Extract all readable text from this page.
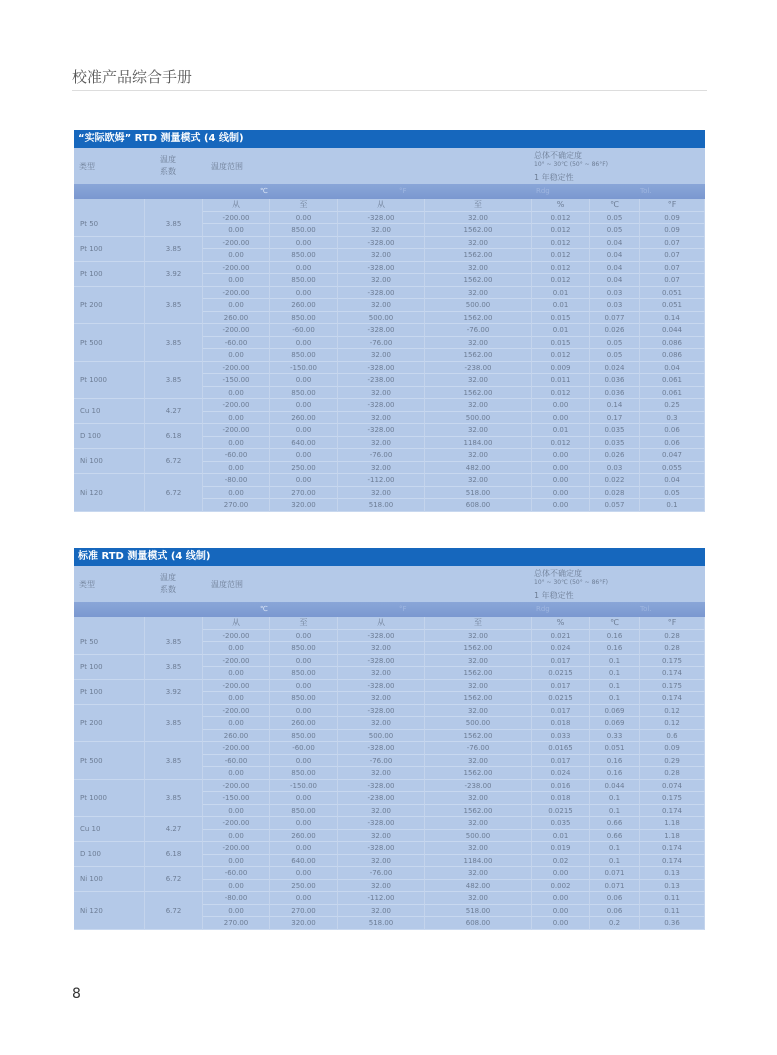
校准产品综合手册
“实际欧姆” RTD 测量模式 (4 线制)
类型
温度
系数
温度范围
总体不确定度
10° ~ 30℃ (50° ~ 86°F)
1 年稳定性
℃	°F	Rdg	Tol.
从	至	从	至	%	℃	°F
Pt 50	3.85
-200.00	0.00	-328.00	32.00	0.012	0.05	0.09
0.00	850.00	32.00	1562.00	0.012	0.05	0.09
Pt 100	3.85
-200.00	0.00	-328.00	32.00	0.012	0.04	0.07
0.00	850.00	32.00	1562.00	0.012	0.04	0.07
Pt 100	3.92
-200.00	0.00	-328.00	32.00	0.012	0.04	0.07
0.00	850.00	32.00	1562.00	0.012	0.04	0.07
-200.00	0.00	-328.00	32.00	0.01	0.03	0.051
Pt 200	3.85	0.00	260.00	32.00	500.00	0.01	0.03	0.051
260.00	850.00	500.00	1562.00	0.015	0.077	0.14
-200.00	-60.00	-328.00	-76.00	0.01	0.026	0.044
Pt 500	3.85	-60.00	0.00	-76.00	32.00	0.015	0.05	0.086
0.00	850.00	32.00	1562.00	0.012	0.05	0.086
-200.00	-150.00	-328.00	-238.00	0.009	0.024	0.04
Pt 1000	3.85	-150.00	0.00	-238.00	32.00	0.011	0.036	0.061
0.00	850.00	32.00	1562.00	0.012	0.036	0.061
Cu 10	4.27
-200.00	0.00	-328.00	32.00	0.00	0.14	0.25
0.00	260.00	32.00	500.00	0.00	0.17	0.3
D 100	6.18
-200.00	0.00	-328.00	32.00	0.01	0.035	0.06
0.00	640.00	32.00	1184.00	0.012	0.035	0.06
Ni 100	6.72
-60.00	0.00	-76.00	32.00	0.00	0.026	0.047
0.00	250.00	32.00	482.00	0.00	0.03	0.055
-80.00	0.00	-112.00	32.00	0.00	0.022	0.04
Ni 120	6.72	0.00	270.00	32.00	518.00	0.00	0.028	0.05
270.00	320.00	518.00	608.00	0.00	0.057	0.1
标准 RTD 测量模式 (4 线制)
类型
温度
系数
温度范围
总体不确定度
10° ~ 30℃ (50° ~ 86°F)
1 年稳定性
℃	°F	Rdg	Tol.
从	至	从	至	%	℃	°F
Pt 50	3.85
-200.00	0.00	-328.00	32.00	0.021	0.16	0.28
0.00	850.00	32.00	1562.00	0.024	0.16	0.28
Pt 100	3.85
-200.00	0.00	-328.00	32.00	0.017	0.1	0.175
0.00	850.00	32.00	1562.00	0.0215	0.1	0.174
Pt 100	3.92
-200.00	0.00	-328.00	32.00	0.017	0.1	0.175
0.00	850.00	32.00	1562.00	0.0215	0.1	0.174
-200.00	0.00	-328.00	32.00	0.017	0.069	0.12
Pt 200	3.85	0.00	260.00	32.00	500.00	0.018	0.069	0.12
260.00	850.00	500.00	1562.00	0.033	0.33	0.6
-200.00	-60.00	-328.00	-76.00	0.0165	0.051	0.09
Pt 500	3.85	-60.00	0.00	-76.00	32.00	0.017	0.16	0.29
0.00	850.00	32.00	1562.00	0.024	0.16	0.28
-200.00	-150.00	-328.00	-238.00	0.016	0.044	0.074
Pt 1000	3.85	-150.00	0.00	-238.00	32.00	0.018	0.1	0.175
0.00	850.00	32.00	1562.00	0.0215	0.1	0.174
Cu 10	4.27
-200.00	0.00	-328.00	32.00	0.035	0.66	1.18
0.00	260.00	32.00	500.00	0.01	0.66	1.18
D 100	6.18
-200.00	0.00	-328.00	32.00	0.019	0.1	0.174
0.00	640.00	32.00	1184.00	0.02	0.1	0.174
Ni 100	6.72
-60.00	0.00	-76.00	32.00	0.00	0.071	0.13
0.00	250.00	32.00	482.00	0.002	0.071	0.13
-80.00	0.00	-112.00	32.00	0.00	0.06	0.11
Ni 120	6.72	0.00	270.00	32.00	518.00	0.00	0.06	0.11
270.00	320.00	518.00	608.00	0.00	0.2	0.36
8
